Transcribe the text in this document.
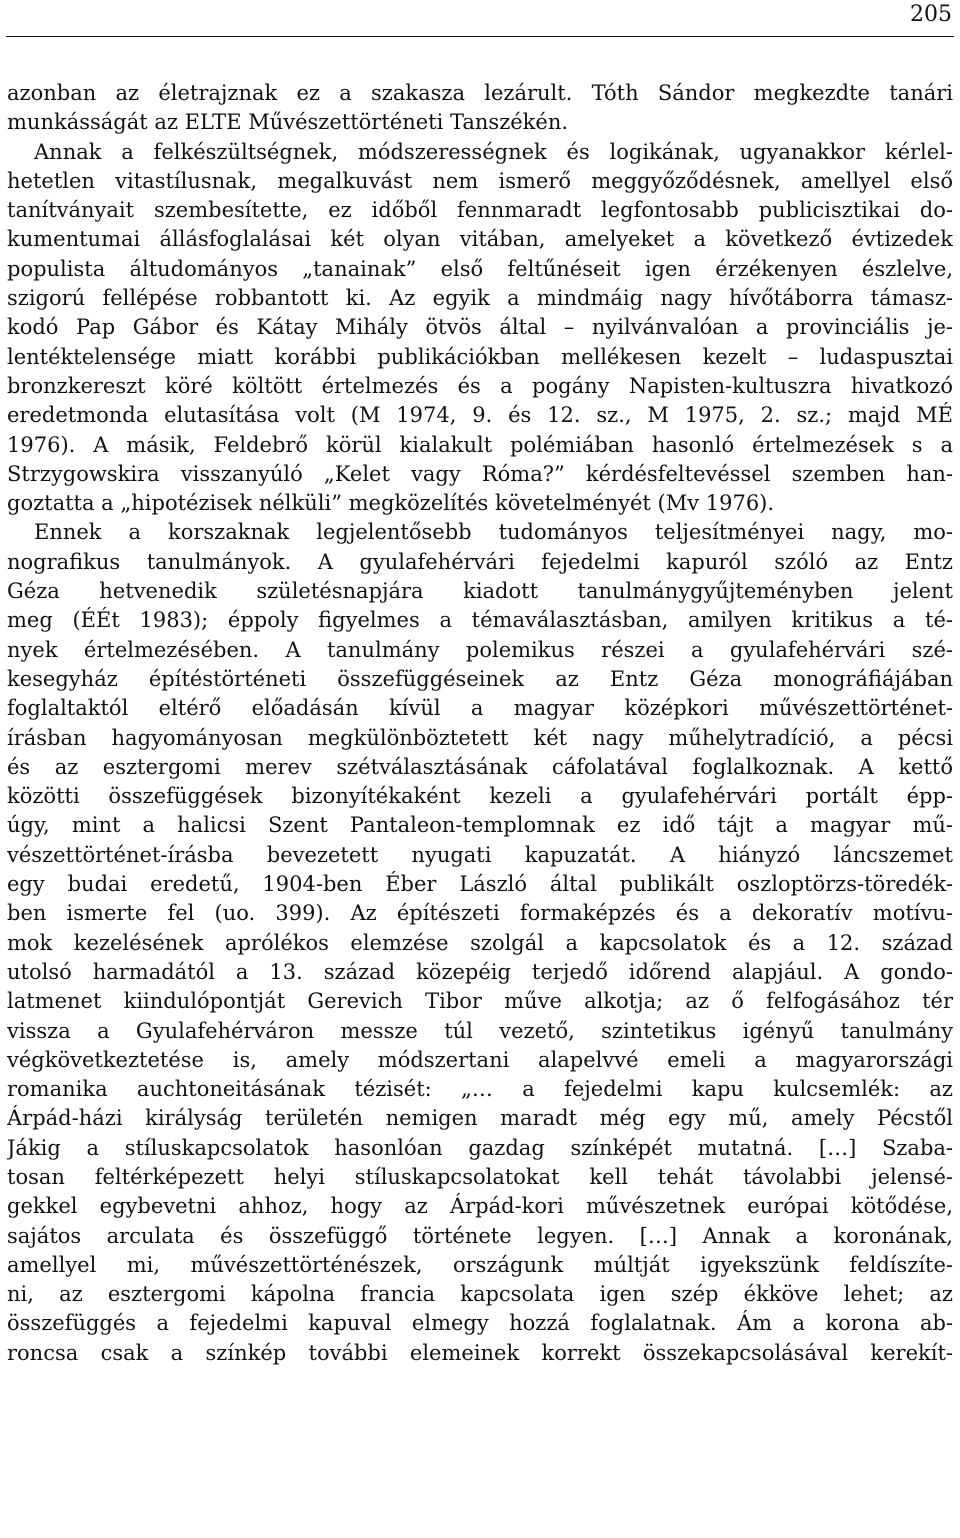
205
azonban az életrajznak ez a szakasza lezárult. Tóth Sándor megkezdte tanári
munkásságát az ELTE Művészettörténeti Tanszékén.
Annak a felkészültségnek, módszerességnek és logikának, ugyanakkor kérlel-
hetetlen vitastílusnak, megalkuvást nem ismerő meggyőződésnek, amellyel első
tanítványait szembesítette, ez időből fennmaradt legfontosabb publicisztikai do-
kumentumai állásfoglalásai két olyan vitában, amelyeket a következő évtizedek
populista áltudományos „tanainak” első feltűnéseit igen érzékenyen észlelve,
szigorú fellépése robbantott ki. Az egyik a mindmáig nagy hívőtáborra támasz-
kodó Pap Gábor és Kátay Mihály ötvös által – nyilvánvalóan a provinciális je-
lentéktelensége miatt korábbi publikációkban mellékesen kezelt – ludaspusztai
bronzkereszt köré költött értelmezés és a pogány Napisten-kultuszra hivatkozó
eredetmonda elutasítása volt (M 1974, 9. és 12. sz., M 1975, 2. sz.; majd MÉ
1976). A másik, Feldebrő körül kialakult polémiában hasonló értelmezések s a
Strzygowskira visszanyúló „Kelet vagy Róma?” kérdésfeltevéssel szemben han-
goztatta a „hipotézisek nélküli” megközelítés követelményét (Mv 1976).
Ennek a korszaknak legjelentősebb tudományos teljesítményei nagy, mo-
nografikus tanulmányok. A gyulafehérvári fejedelmi kapuról szóló az Entz
Géza hetvenedik születésnapjára kiadott tanulmánygyűjteményben jelent
meg (ÉÉt 1983); éppoly figyelmes a témaválasztásban, amilyen kritikus a té-
nyek értelmezésében. A tanulmány polemikus részei a gyulafehérvári szé-
kesegyház építéstörténeti összefüggéseinek az Entz Géza monográfiájában
foglaltaktól eltérő előadásán kívül a magyar középkori művészettörténet-
írásban hagyományosan megkülönböztetett két nagy műhelytradíció, a pécsi
és az esztergomi merev szétválasztásának cáfolatával foglalkoznak. A kettő
közötti összefüggések bizonyítékaként kezeli a gyulafehérvári portált épp-
úgy, mint a halicsi Szent Pantaleon-templomnak ez idő tájt a magyar mű-
vészettörténet-írásba bevezetett nyugati kapuzatát. A hiányzó láncszemet
egy budai eredetű, 1904-ben Éber László által publikált oszloptörzs-töredék-
ben ismerte fel (uo. 399). Az építészeti formaképzés és a dekoratív motívu-
mok kezelésének aprólékos elemzése szolgál a kapcsolatok és a 12. század
utolsó harmadától a 13. század közepéig terjedő időrend alapjául. A gondo-
latmenet kiindulópontját Gerevich Tibor műve alkotja; az ő felfogásához tér
vissza a Gyulafehérváron messze túl vezető, szintetikus igényű tanulmány
végkövetkeztetése is, amely módszertani alapelvvé emeli a magyarországi
romanika auchtoneitásának tézisét: „… a fejedelmi kapu kulcsemlék: az
Árpád-házi királyság területén nemigen maradt még egy mű, amely Pécstől
Jákig a stíluskapcsolatok hasonlóan gazdag színképét mutatná. […] Szaba-
tosan feltérképezett helyi stíluskapcsolatokat kell tehát távolabbi jelensé-
gekkel egybevetni ahhoz, hogy az Árpád-kori művészetnek európai kötődése,
sajátos arculata és összefüggő története legyen. […] Annak a koronának,
amellyel mi, művészettörténészek, országunk múltját igyekszünk feldíszíte-
ni, az esztergomi kápolna francia kapcsolata igen szép ékköve lehet; az
összefüggés a fejedelmi kapuval elmegy hozzá foglalatnak. Ám a korona ab-
roncsa csak a színkép további elemeinek korrekt összekapcsolásával kerekít-
